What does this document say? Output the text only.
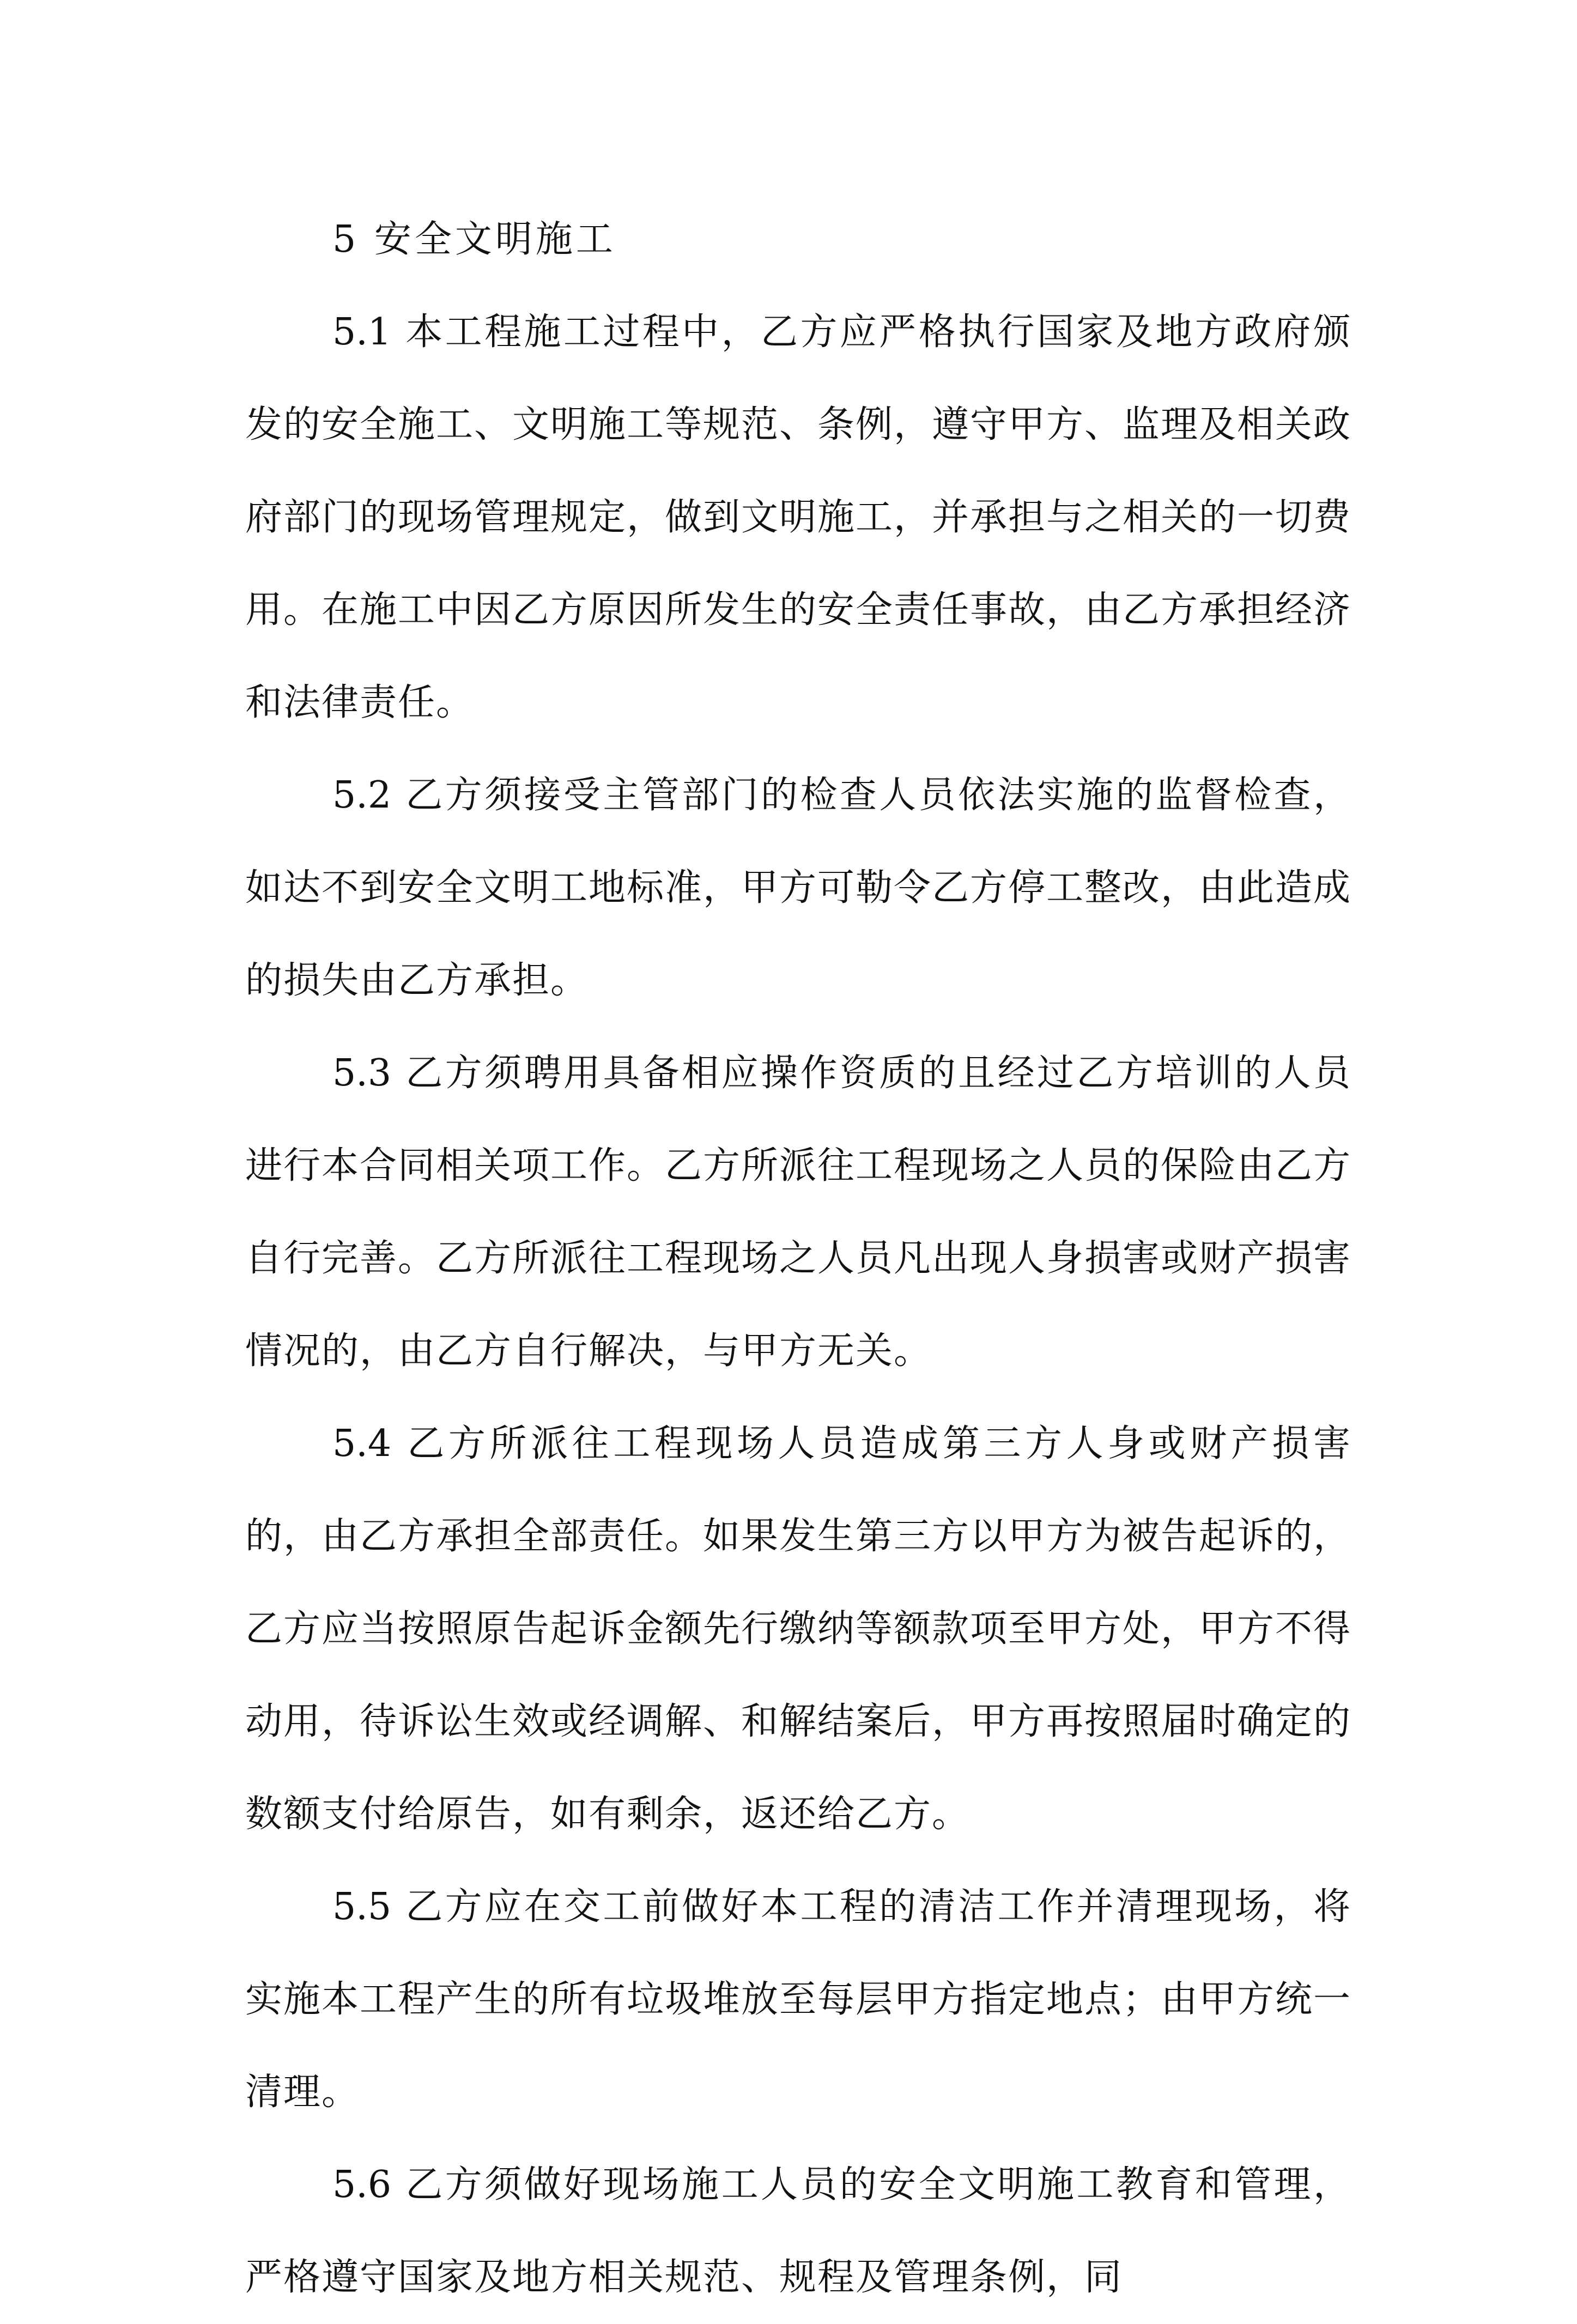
5 安全文明施工

5.1 本工程施工过程中，乙方应严格执行国家及地方政府颁发的安全施工、文明施工等规范、条例，遵守甲方、监理及相关政府部门的现场管理规定，做到文明施工，并承担与之相关的一切费用。在施工中因乙方原因所发生的安全责任事故，由乙方承担经济和法律责任。

5.2 乙方须接受主管部门的检查人员依法实施的监督检查，如达不到安全文明工地标准，甲方可勒令乙方停工整改，由此造成的损失由乙方承担。

5.3 乙方须聘用具备相应操作资质的且经过乙方培训的人员进行本合同相关项工作。乙方所派往工程现场之人员的保险由乙方自行完善。乙方所派往工程现场之人员凡出现人身损害或财产损害情况的，由乙方自行解决，与甲方无关。

5.4 乙方所派往工程现场人员造成第三方人身或财产损害的，由乙方承担全部责任。如果发生第三方以甲方为被告起诉的，乙方应当按照原告起诉金额先行缴纳等额款项至甲方处，甲方不得动用，待诉讼生效或经调解、和解结案后，甲方再按照届时确定的数额支付给原告，如有剩余，返还给乙方。

5.5 乙方应在交工前做好本工程的清洁工作并清理现场，将实施本工程产生的所有垃圾堆放至每层甲方指定地点；由甲方统一清理。

5.6 乙方须做好现场施工人员的安全文明施工教育和管理，严格遵守国家及地方相关规范、规程及管理条例，同
